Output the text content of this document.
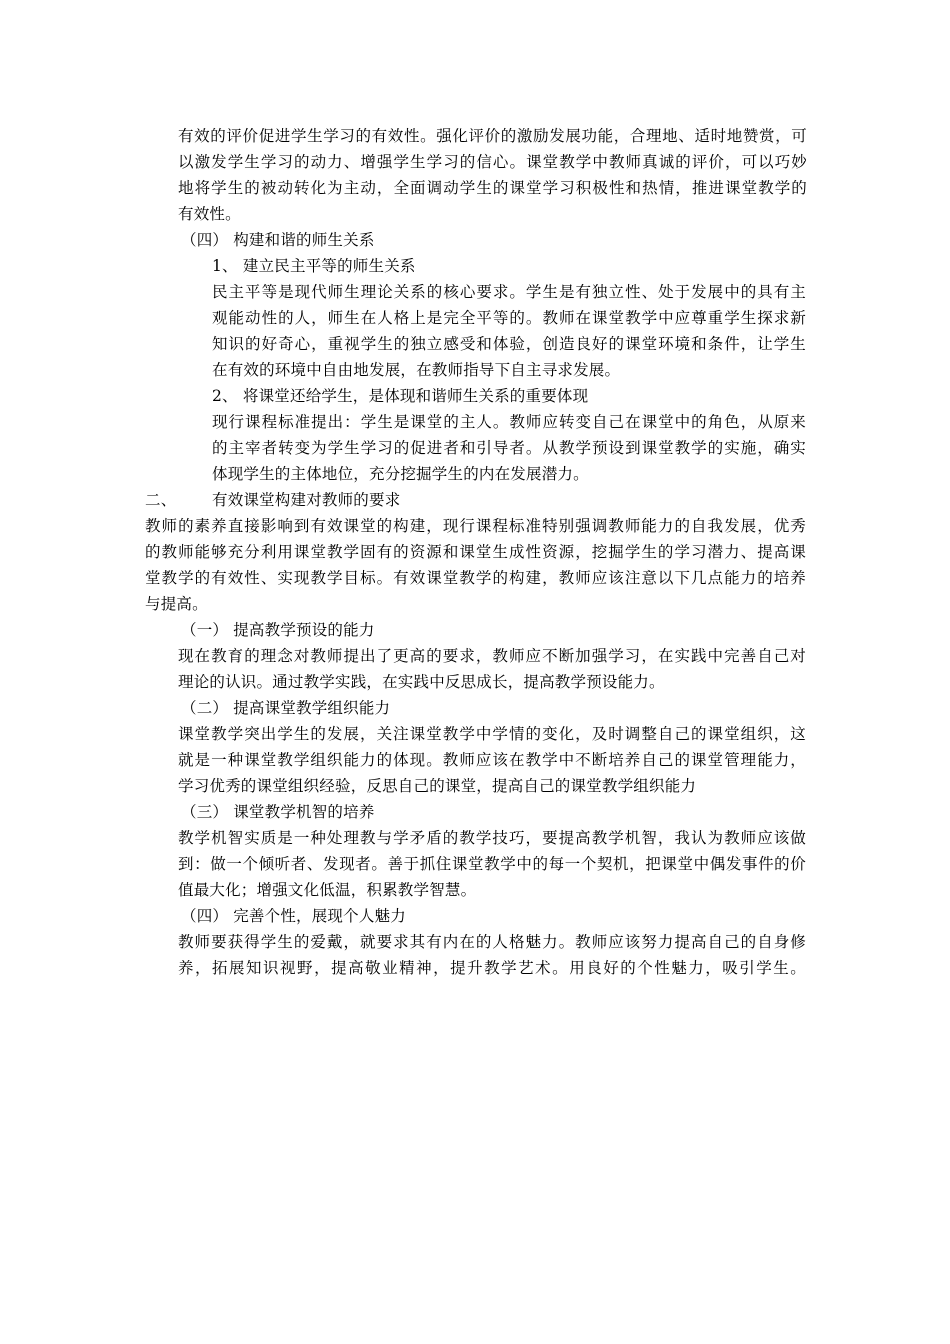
有效的评价促进学生学习的有效性。强化评价的激励发展功能，合理地、适时地赞赏，可
以激发学生学习的动力、增强学生学习的信心。课堂教学中教师真诚的评价，可以巧妙
地将学生的被动转化为主动，全面调动学生的课堂学习积极性和热情，推进课堂教学的
有效性。
（四） 构建和谐的师生关系
1、 建立民主平等的师生关系
民主平等是现代师生理论关系的核心要求。学生是有独立性、处于发展中的具有主
观能动性的人，师生在人格上是完全平等的。教师在课堂教学中应尊重学生探求新
知识的好奇心，重视学生的独立感受和体验，创造良好的课堂环境和条件，让学生
在有效的环境中自由地发展，在教师指导下自主寻求发展。
2、 将课堂还给学生，是体现和谐师生关系的重要体现
现行课程标准提出：学生是课堂的主人。教师应转变自己在课堂中的角色，从原来
的主宰者转变为学生学习的促进者和引导者。从教学预设到课堂教学的实施，确实
体现学生的主体地位，充分挖掘学生的内在发展潜力。
二、 有效课堂构建对教师的要求
教师的素养直接影响到有效课堂的构建，现行课程标准特别强调教师能力的自我发展，优秀
的教师能够充分利用课堂教学固有的资源和课堂生成性资源，挖掘学生的学习潜力、提高课
堂教学的有效性、实现教学目标。有效课堂教学的构建，教师应该注意以下几点能力的培养
与提高。
（一） 提高教学预设的能力
现在教育的理念对教师提出了更高的要求，教师应不断加强学习，在实践中完善自己对
理论的认识。通过教学实践，在实践中反思成长，提高教学预设能力。
（二） 提高课堂教学组织能力
课堂教学突出学生的发展，关注课堂教学中学情的变化，及时调整自己的课堂组织，这
就是一种课堂教学组织能力的体现。教师应该在教学中不断培养自己的课堂管理能力，
学习优秀的课堂组织经验，反思自己的课堂，提高自己的课堂教学组织能力
（三） 课堂教学机智的培养
教学机智实质是一种处理教与学矛盾的教学技巧，要提高教学机智，我认为教师应该做
到：做一个倾听者、发现者。善于抓住课堂教学中的每一个契机，把课堂中偶发事件的价
值最大化；增强文化低温，积累教学智慧。
（四） 完善个性，展现个人魅力
教师要获得学生的爱戴，就要求其有内在的人格魅力。教师应该努力提高自己的自身修
养，拓展知识视野，提高敬业精神，提升教学艺术。用良好的个性魅力，吸引学生。
